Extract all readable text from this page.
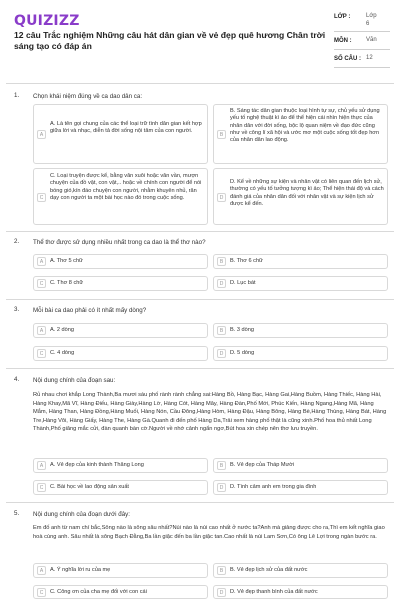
QUIZIZZ
12 câu Trắc nghiệm Những câu hát dân gian về vẻ đẹp quê hương Chân trời sáng tạo có đáp án
LỚP :	Lớp 6
MÔN : Văn
SỐ CÂU : 12
1. Chọn khái niệm đúng về ca dao dân ca:
A
A. Là tên gọi chung của các thể loại trữ tình dân gian kết hợp giữa lời và nhạc, diễn tả đời sống nội tâm của con người.
B
B. Sáng tác dân gian thuộc loại hình tự sự, chủ yếu sử dụng yếu tố nghệ thuật kì ảo để thể hiện cái nhìn hiện thực của nhân dân với đời sống, bộc lộ quan niệm về đạo đức cũng như về công lí xã hội và ước mơ một cuộc sống tốt đẹp hơn của nhân dân lao động.
C
C. Loại truyện được kể, bằng văn xuôi hoặc văn vần, mượn chuyện của đồ vật, con vật,.. hoặc về chính con người để nói bóng gió,kín đáo chuyện con người, nhằm khuyên nhủ, răn dạy con người ta một bài học nào đó trong cuộc sống.	D
D. Kể về những sự kiện và nhân vật có liên quan đến lịch sử, thường có yếu tố tưởng tượng kì ảo; Thể hiện thái độ và cách đánh giá của nhân dân đối với nhân vật và sự kiện lịch sử được kể đến.
2. Thể thơ được sử dụng nhiều nhất trong ca dao là thể thơ nào?
A	A. Thơ 5 chữ	B	B. Thơ 6 chữ
C	C. Thơ 8 chữ	D	D. Lục bát
3. Mỗi bài ca dao phải có ít nhất mấy dòng?
A	A. 2 dòng	B	B. 3 dòng
C	C. 4 dòng	D	D. 5 dòng
4. Nội dung chính của đoạn sau:
Rủ nhau chơi khắp Long Thành,Ba mươi sáu phố rành rành chẳng sai:Hàng Bồ, Hàng Bạc, Hàng Gai,Hàng Buồm, Hàng Thiếc, Hàng Hài, Hàng Khay,Mã Vĩ, Hàng Điếu, Hàng Giày,Hàng Lờ, Hàng Cót, Hàng Mây, Hàng Đàn,Phố Mới, Phúc Kiến, Hàng Ngang,Hàng Mã, Hàng Mắm, Hàng Than, Hàng Đồng,Hàng Muối, Hàng Nón, Cầu Đông,Hàng Hòm, Hàng Đậu, Hàng Bông, Hàng Bè,Hàng Thùng, Hàng Bát, Hàng Tre,Hàng Vôi, Hàng Giấy, Hàng The, Hàng Gà.Quanh đi đến phố Hàng Da,Trải xem hàng phố thật là cũng xinh.Phố hoa thủ nhất Long Thành,Phố giăng mắc cửi, đàn quanh bàn cờ.Người về nhớ cảnh ngẩn ngơ,Bút hoa xin chép nên thơ lưu truyền.
A	A. Vẻ đẹp của kinh thành Thăng Long	B	B. Vẻ đẹp của Tháp Mười
C	C. Bài học về lao động sản xuất	D	D. Tình cảm anh em trong gia đình
5. Nội dung chính của đoạn dưới đây:
Em đố anh từ nam chí bắc,Sông nào là sông sâu nhất?Núi nào là núi cao nhất ở nước ta?Anh mà giảng được cho ra,Thì em kết nghĩa giao hoà cùng anh. Sâu nhất là sông Bạch Đằng,Ba lần giặc đến ba lần giặc tan.Cao nhất là núi Lam Sơn,Có ông Lê Lợi trong ngàn bước ra.
A	A. Ý nghĩa lời ru của mẹ	B	B. Vẻ đẹp lịch sử của đất nước
C	C. Công ơn của cha mẹ đối với con cái	D	D. Vẻ đẹp thanh bình của đất nước
